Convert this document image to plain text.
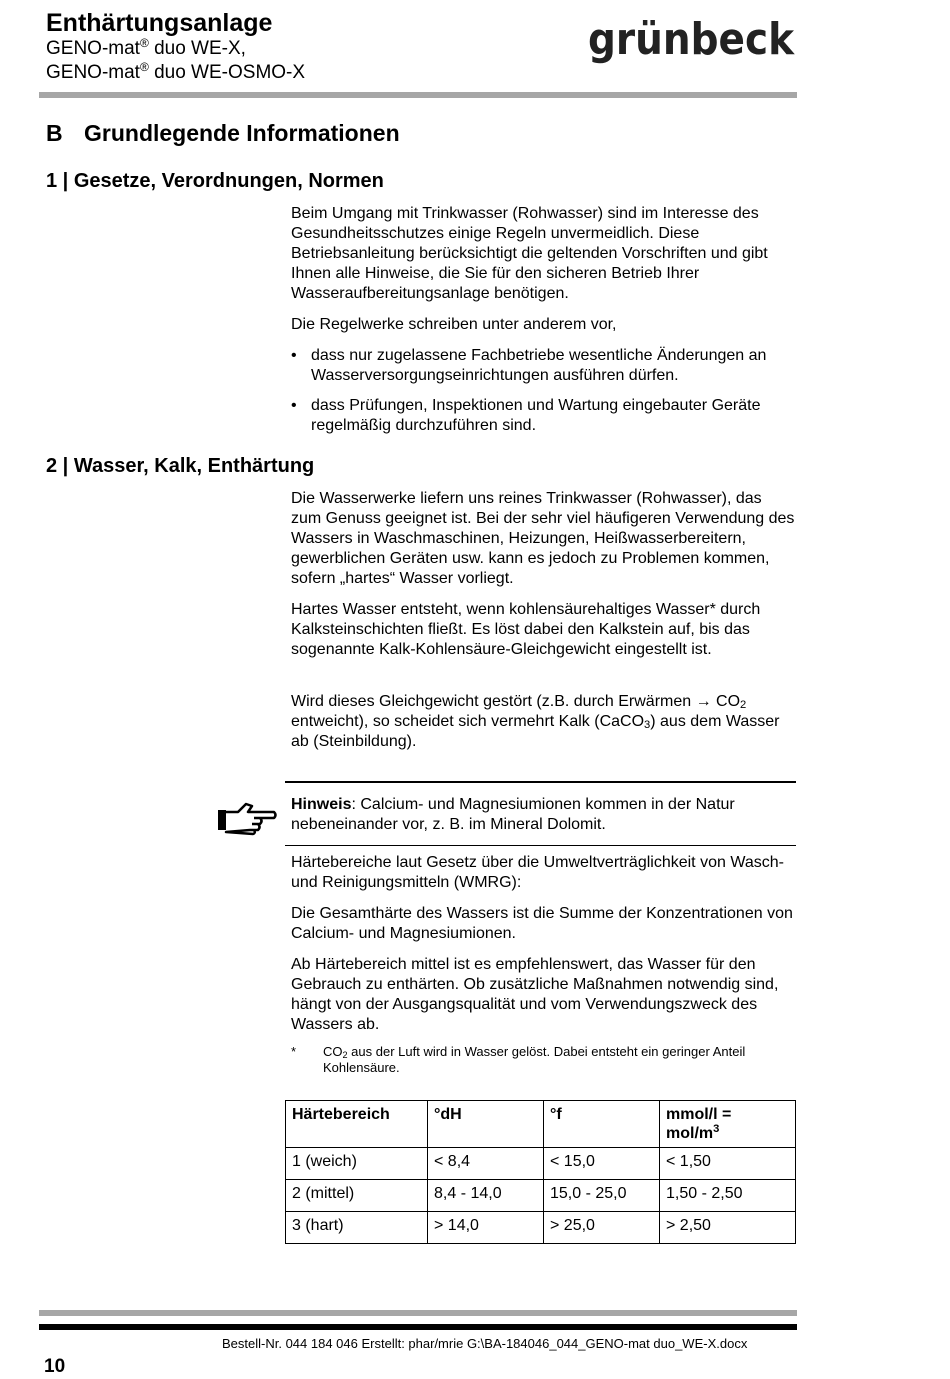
Enthärtungsanlage
GENO-mat® duo WE-X,
GENO-mat® duo WE-OSMO-X
grünbeck
B Grundlegende Informationen
1 | Gesetze, Verordnungen, Normen
Beim Umgang mit Trinkwasser (Rohwasser) sind im Interesse des Gesundheitsschutzes einige Regeln unvermeidlich. Diese Betriebsanleitung berücksichtigt die geltenden Vorschriften und gibt Ihnen alle Hinweise, die Sie für den sicheren Betrieb Ihrer Wasseraufbereitungsanlage benötigen.
Die Regelwerke schreiben unter anderem vor,
• dass nur zugelassene Fachbetriebe wesentliche Änderungen an Wasserversorgungseinrichtungen ausführen dürfen.
• dass Prüfungen, Inspektionen und Wartung eingebauter Geräte regelmäßig durchzuführen sind.
2 | Wasser, Kalk, Enthärtung
Die Wasserwerke liefern uns reines Trinkwasser (Rohwasser), das zum Genuss geeignet ist. Bei der sehr viel häufigeren Verwendung des Wassers in Waschmaschinen, Heizungen, Heißwasserbereitern, gewerblichen Geräten usw. kann es jedoch zu Problemen kommen, sofern „hartes“ Wasser vorliegt.
Hartes Wasser entsteht, wenn kohlensäurehaltiges Wasser* durch Kalksteinschichten fließt. Es löst dabei den Kalkstein auf, bis das sogenannte Kalk-Kohlensäure-Gleichgewicht eingestellt ist.
Wird dieses Gleichgewicht gestört (z.B. durch Erwärmen → $CO_2$ entweicht), so scheidet sich vermehrt Kalk (CaCO$_3$) aus dem Wasser ab (Steinbildung).
Hinweis: Calcium- und Magnesiumionen kommen in der Natur nebeneinander vor, z. B. im Mineral Dolomit.
Härtebereiche laut Gesetz über die Umweltverträglichkeit von Wasch- und Reinigungsmitteln (WMRG):
Die Gesamthärte des Wassers ist die Summe der Konzentrationen von Calcium- und Magnesiumionen.
Ab Härtebereich mittel ist es empfehlenswert, das Wasser für den Gebrauch zu enthärten. Ob zusätzliche Maßnahmen notwendig sind, hängt von der Ausgangsqualität und vom Verwendungszweck des Wassers ab.
* $CO_2$ aus der Luft wird in Wasser gelöst. Dabei entsteht ein geringer Anteil Kohlensäure.
Härtebereich	°dH	°f	mmol/l = mol/$m^3$
1 (weich)	< 8,4	< 15,0	< 1,50
2 (mittel)	8,4 - 14,0	15,0 - 25,0	1,50 - 2,50
3 (hart)	> 14,0	> 25,0	> 2,50
Bestell-Nr. 044 184 046 Erstellt: phar/mrie G:\BA-184046_044_GENO-mat duo_WE-X.docx
10
